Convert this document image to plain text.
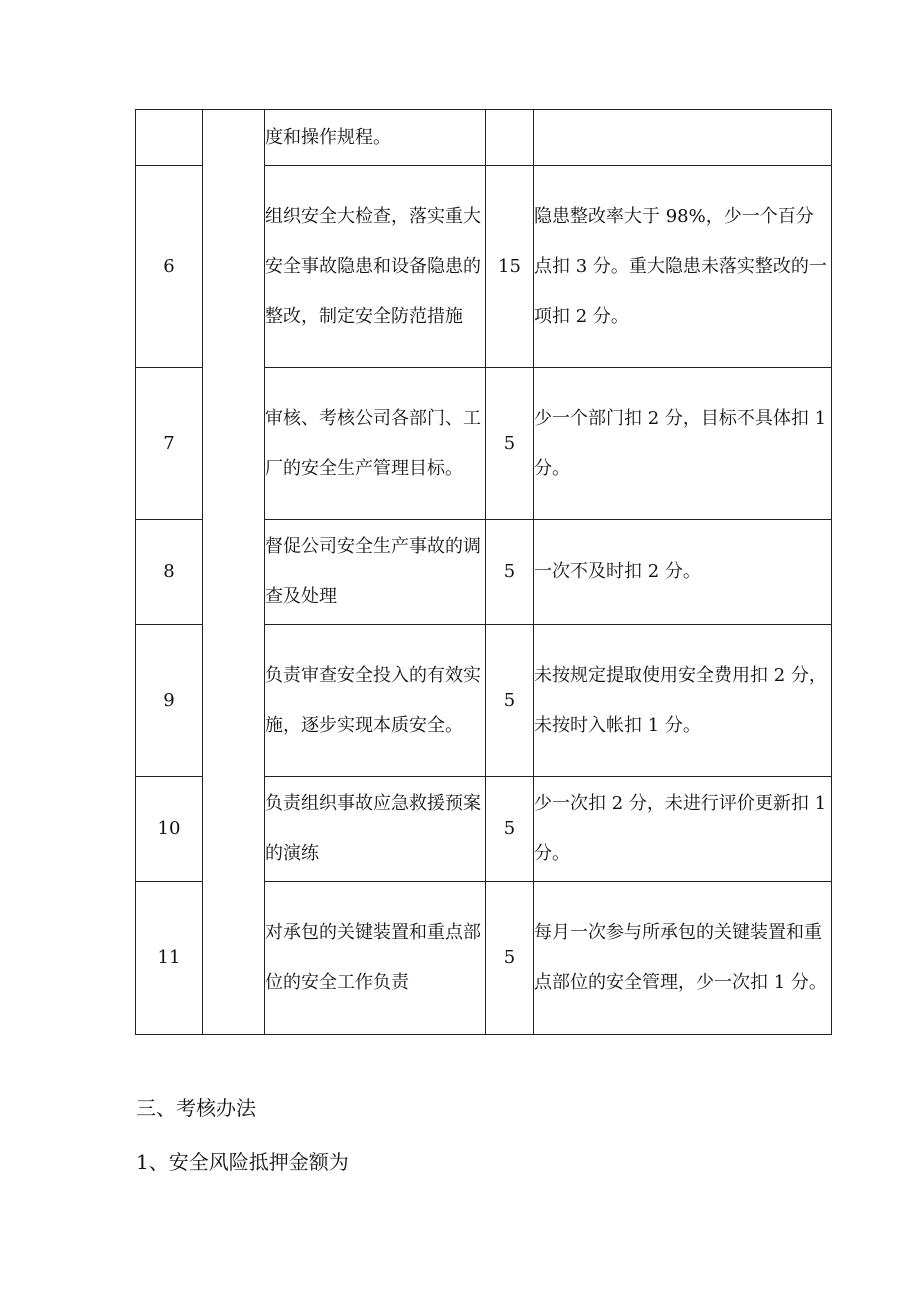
		度和操作规程。		
6		组织安全大检查，落实重大安全事故隐患和设备隐患的整改，制定安全防范措施	15	隐患整改率大于 98%，少一个百分点扣 3 分。重大隐患未落实整改的一项扣 2 分。
7		审核、考核公司各部门、工厂的安全生产管理目标。	5	少一个部门扣 2 分，目标不具体扣 1 分。
8		督促公司安全生产事故的调查及处理	5	一次不及时扣 2 分。
9		负责审查安全投入的有效实施，逐步实现本质安全。	5	未按规定提取使用安全费用扣 2 分，未按时入帐扣 1 分。
10		负责组织事故应急救援预案的演练	5	少一次扣 2 分，未进行评价更新扣 1 分。
11		对承包的关键装置和重点部位的安全工作负责	5	每月一次参与所承包的关键装置和重点部位的安全管理，少一次扣 1 分。
三、考核办法
1、安全风险抵押金额为
